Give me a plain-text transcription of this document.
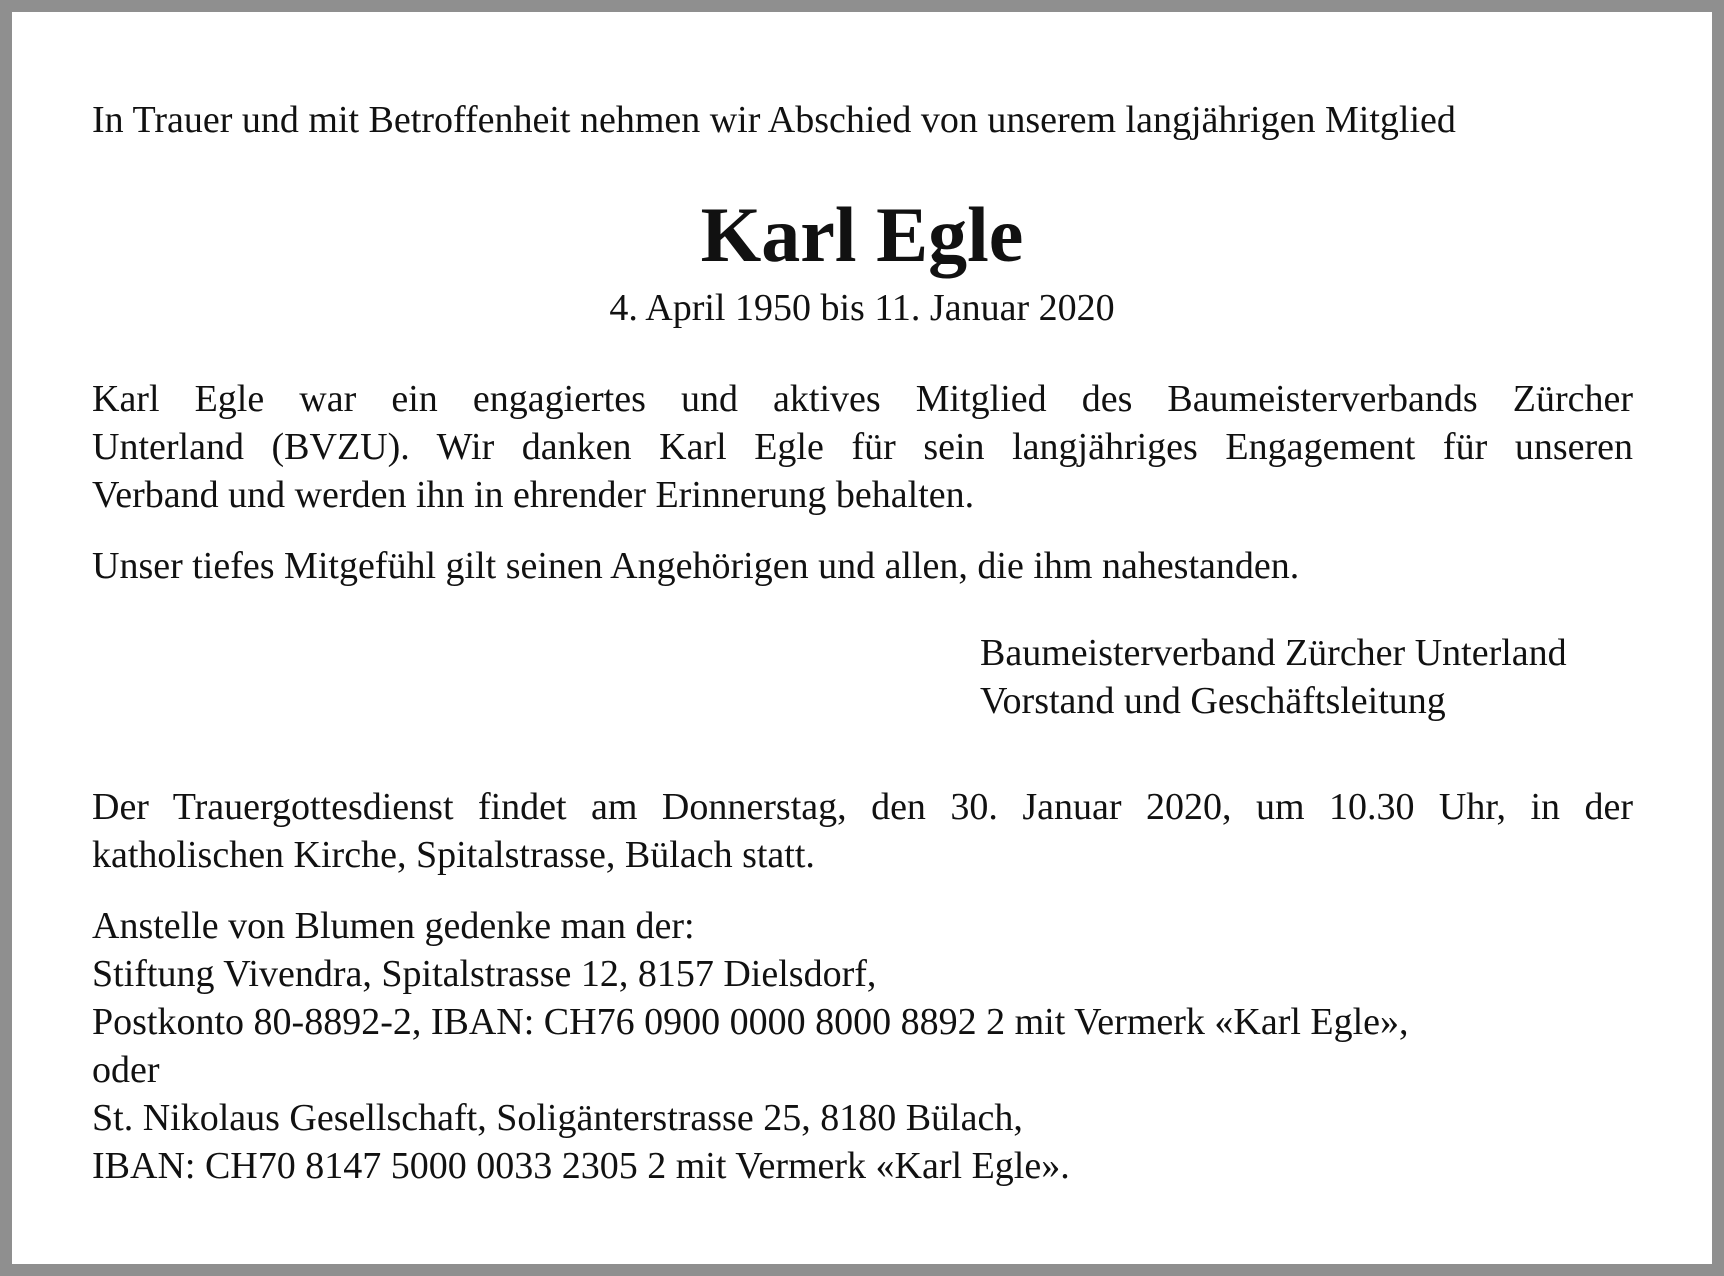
In Trauer und mit Betroffenheit nehmen wir Abschied von unserem langjährigen Mitglied
Karl Egle
4. April 1950 bis 11. Januar 2020
Karl Egle war ein engagiertes und aktives Mitglied des Baumeisterverbands Zürcher
Unterland (BVZU). Wir danken Karl Egle für sein langjähriges Engagement für unseren
Verband und werden ihn in ehrender Erinnerung behalten.
Unser tiefes Mitgefühl gilt seinen Angehörigen und allen, die ihm nahestanden.
Baumeisterverband Zürcher Unterland
Vorstand und Geschäftsleitung
Der Trauergottesdienst findet am Donnerstag, den 30. Januar 2020, um 10.30 Uhr, in der
katholischen Kirche, Spitalstrasse, Bülach statt.
Anstelle von Blumen gedenke man der:
Stiftung Vivendra, Spitalstrasse 12, 8157 Dielsdorf,
Postkonto 80-8892-2, IBAN: CH76 0900 0000 8000 8892 2 mit Vermerk «Karl Egle»,
oder
St. Nikolaus Gesellschaft, Soligänterstrasse 25, 8180 Bülach,
IBAN: CH70 8147 5000 0033 2305 2 mit Vermerk «Karl Egle».
